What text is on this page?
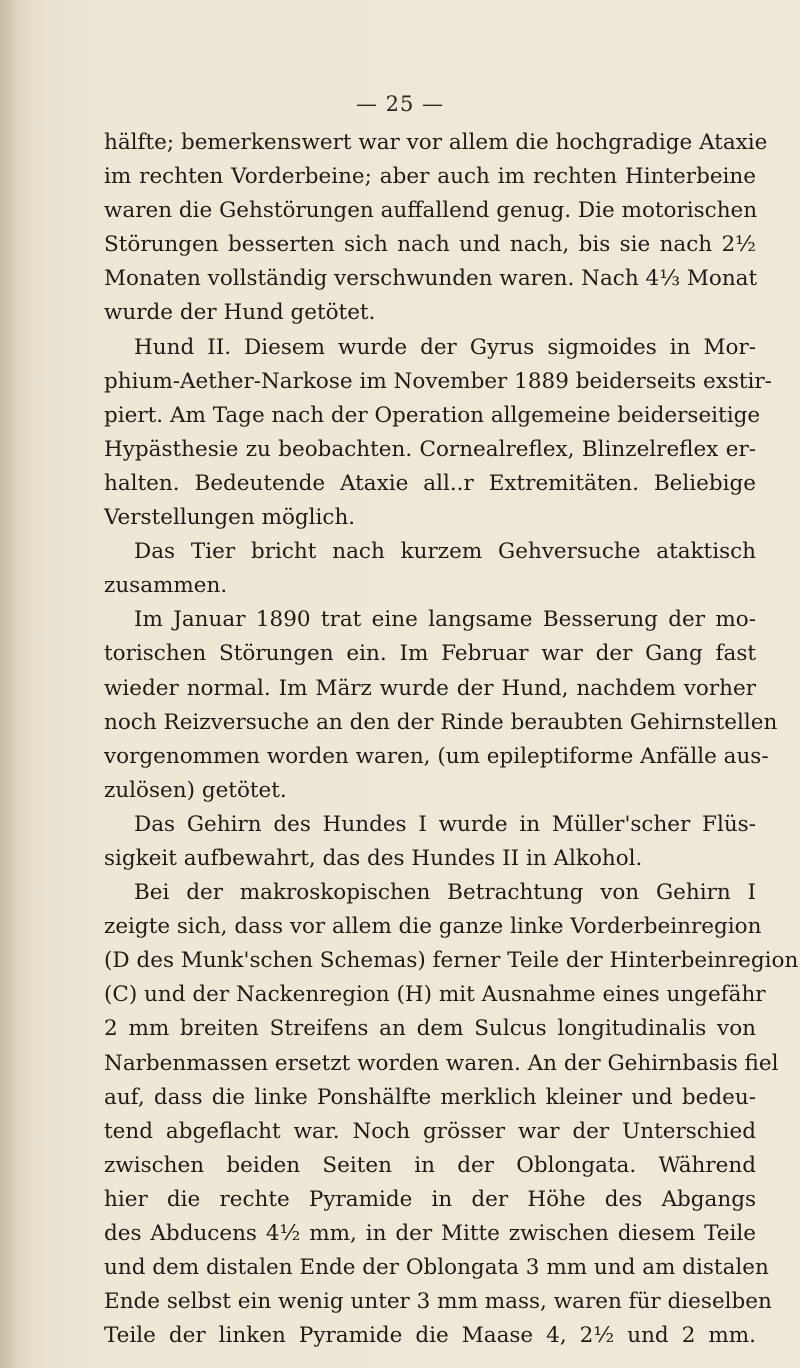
— 25 —
hälfte; bemerkenswert war vor allem die hochgradige Ataxie
im rechten Vorderbeine; aber auch im rechten Hinterbeine
waren die Gehstörungen auffallend genug. Die motorischen
Störungen besserten sich nach und nach, bis sie nach 2½
Monaten vollständig verschwunden waren. Nach 4⅓ Monat
wurde der Hund getötet.
Hund II. Diesem wurde der Gyrus sigmoides in Mor-
phium-Aether-Narkose im November 1889 beiderseits exstir-
piert. Am Tage nach der Operation allgemeine beiderseitige
Hypästhesie zu beobachten. Cornealreflex, Blinzelreflex er-
halten. Bedeutende Ataxie all..r Extremitäten. Beliebige
Verstellungen möglich.
Das Tier bricht nach kurzem Gehversuche ataktisch
zusammen.
Im Januar 1890 trat eine langsame Besserung der mo-
torischen Störungen ein. Im Februar war der Gang fast
wieder normal. Im März wurde der Hund, nachdem vorher
noch Reizversuche an den der Rinde beraubten Gehirnstellen
vorgenommen worden waren, (um epileptiforme Anfälle aus-
zulösen) getötet.
Das Gehirn des Hundes I wurde in Müller'scher Flüs-
sigkeit aufbewahrt, das des Hundes II in Alkohol.
Bei der makroskopischen Betrachtung von Gehirn I
zeigte sich, dass vor allem die ganze linke Vorderbeinregion
(D des Munk'schen Schemas) ferner Teile der Hinterbeinregion
(C) und der Nackenregion (H) mit Ausnahme eines ungefähr
2 mm breiten Streifens an dem Sulcus longitudinalis von
Narbenmassen ersetzt worden waren. An der Gehirnbasis fiel
auf, dass die linke Ponshälfte merklich kleiner und bedeu-
tend abgeflacht war. Noch grösser war der Unterschied
zwischen beiden Seiten in der Oblongata. Während
hier die rechte Pyramide in der Höhe des Abgangs
des Abducens 4½ mm, in der Mitte zwischen diesem Teile
und dem distalen Ende der Oblongata 3 mm und am distalen
Ende selbst ein wenig unter 3 mm mass, waren für dieselben
Teile der linken Pyramide die Maase 4, 2½ und 2 mm.
